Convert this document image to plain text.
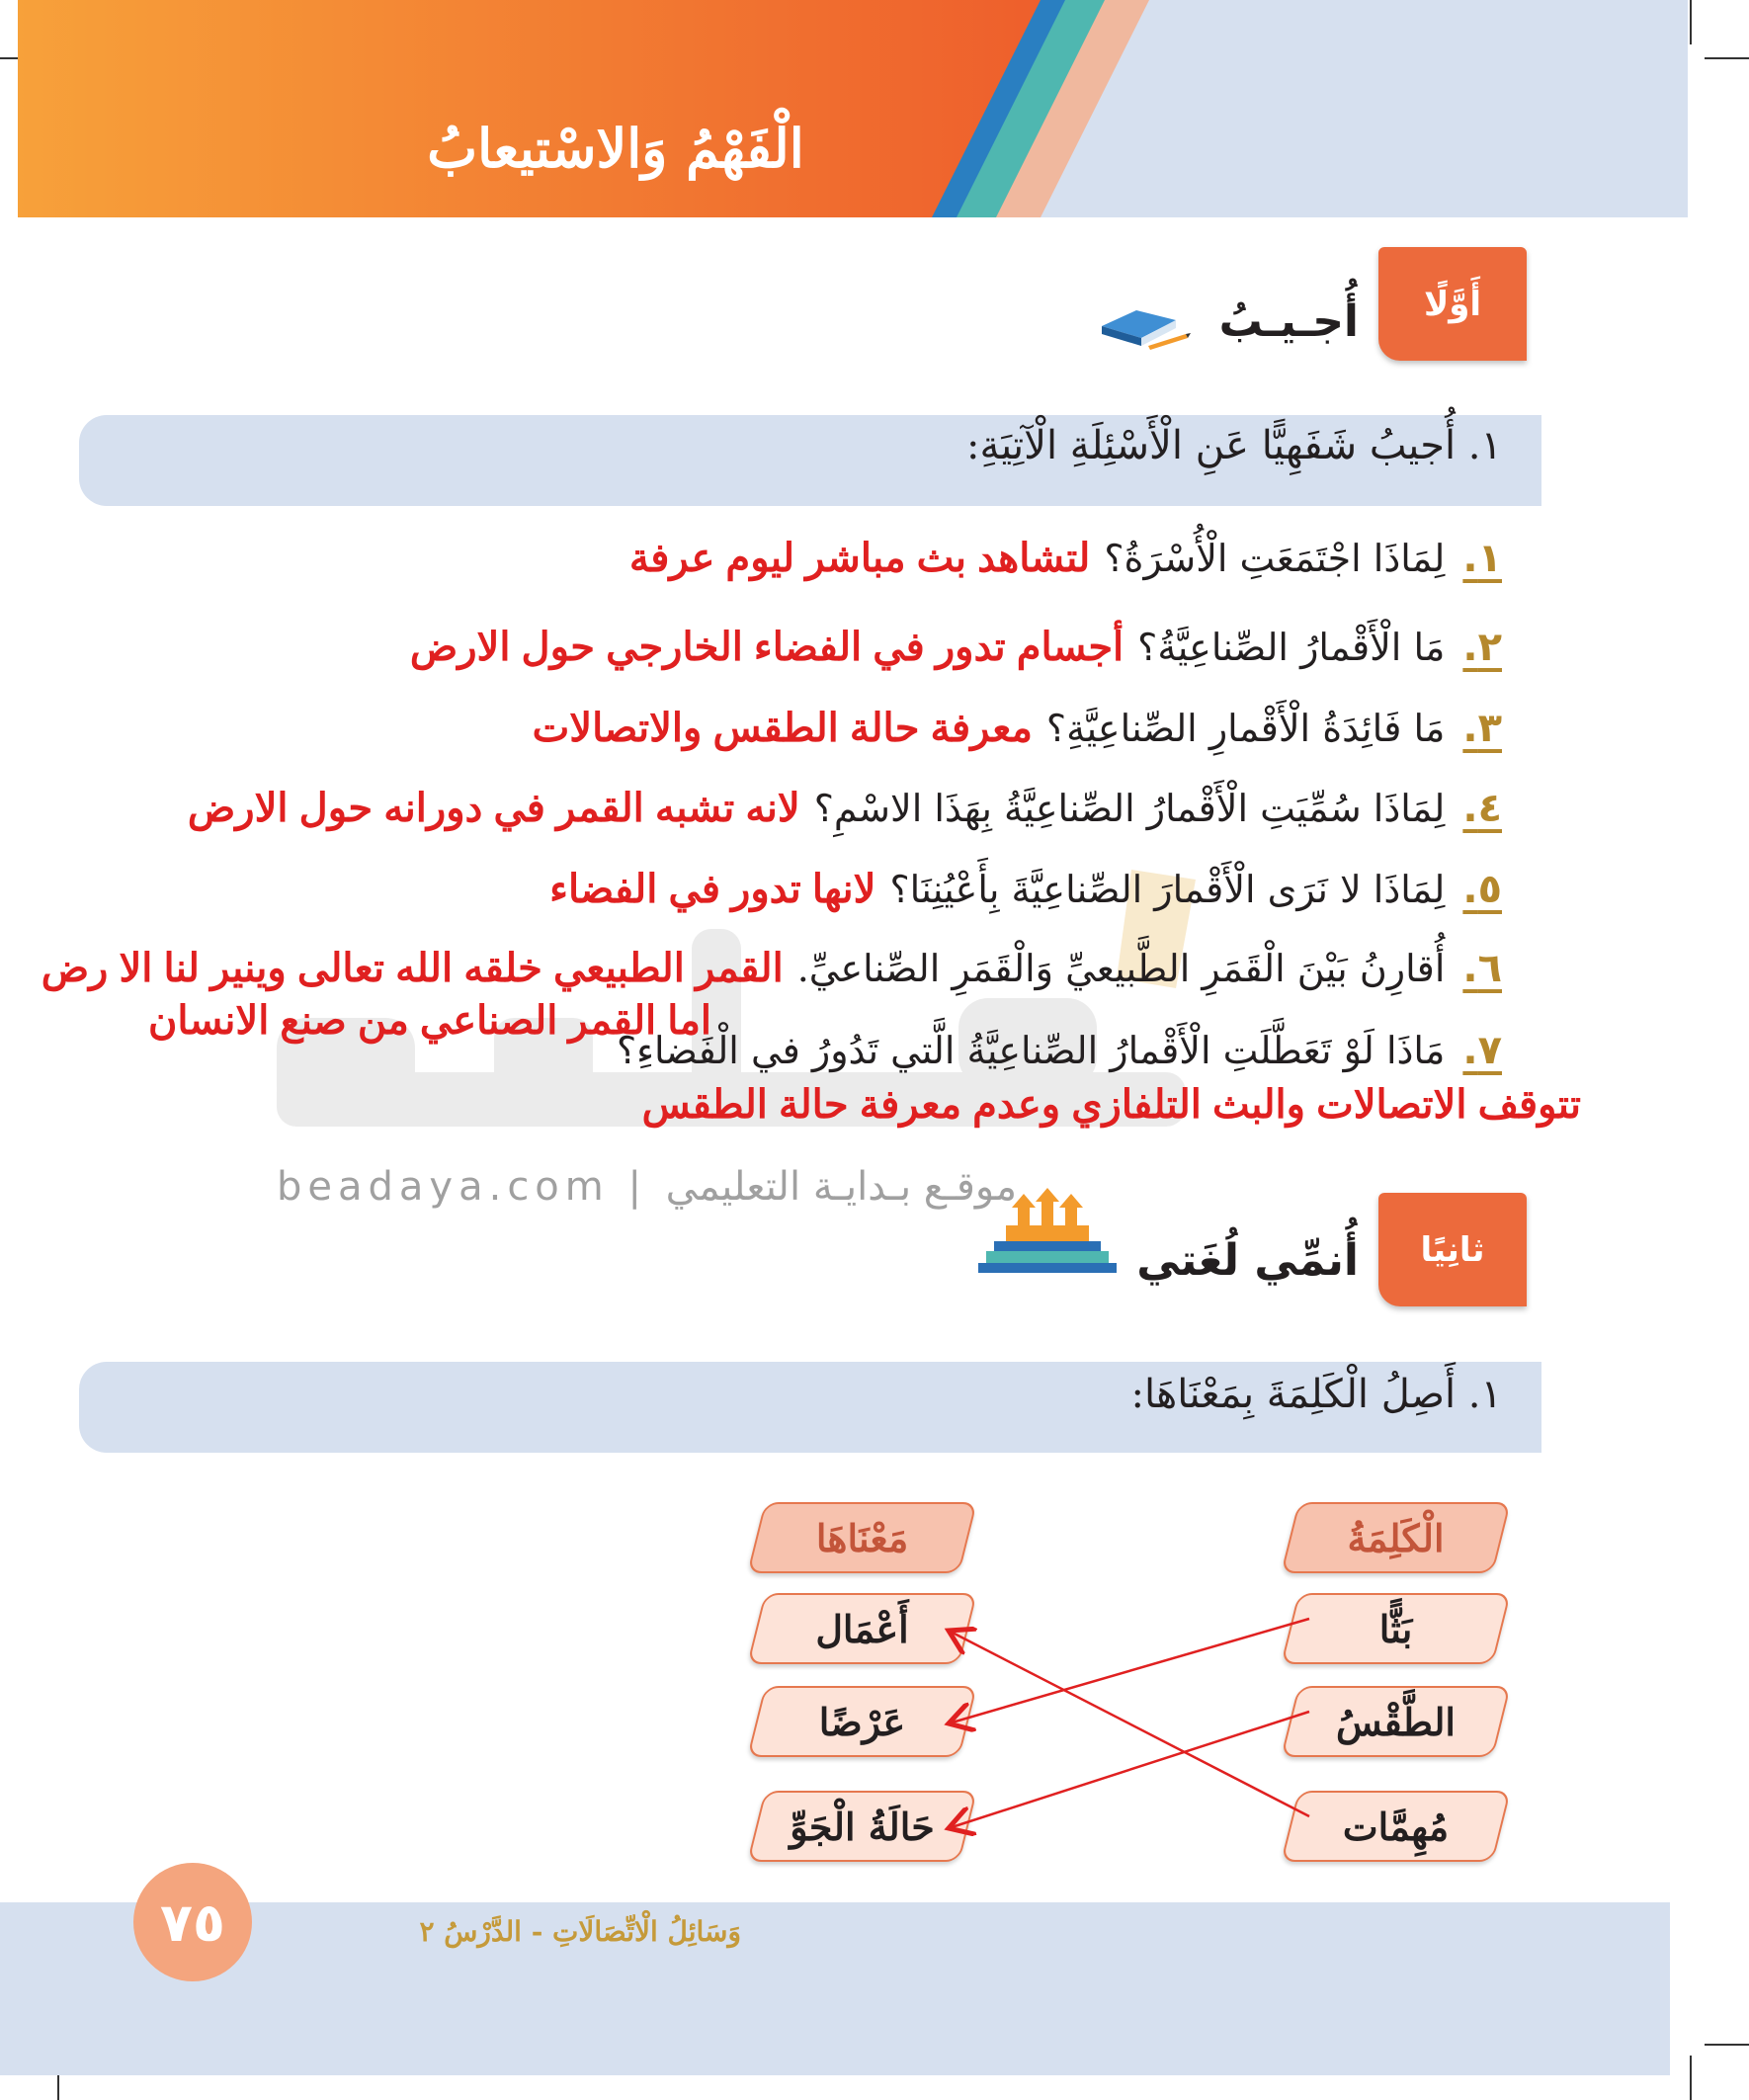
الْفَهْمُ وَالاسْتيعابُ
أَوَّلًا
أُجـيـبُ
١. أُجيبُ شَفَهِيًّا عَنِ الْأَسْئِلَةِ الْآتِيَةِ:
١.
لِمَاذَا اجْتَمَعَتِ الْأُسْرَةُ؟
لتشاهد بث مباشر ليوم عرفة
٢.
مَا الْأَقْمارُ الصِّناعِيَّةُ؟
أجسام تدور في الفضاء الخارجي حول الارض
٣.
مَا فَائِدَةُ الْأَقْمارِ الصِّناعِيَّةِ؟
معرفة حالة الطقس والاتصالات
٤.
لِمَاذَا سُمِّيَتِ الْأَقْمارُ الصِّناعِيَّةُ بِهَذَا الاسْمِ؟
لانه تشبه القمر في دورانه حول الارض
٥.
لِمَاذَا لا نَرَى الْأَقْمارَ الصِّناعِيَّةَ بِأَعْيُنِنَا؟
لانها تدور في الفضاء
٦.
أُقارِنُ بَيْنَ الْقَمَرِ الطَّبيعيِّ وَالْقَمَرِ الصِّناعيِّ.
القمر الطبيعي خلقه الله تعالى وينير لنا الا رض
اما القمر الصناعي من صنع الانسان
٧.
مَاذَا لَوْ تَعَطَّلَتِ الْأَقْمارُ الصِّناعِيَّةُ الَّتي تَدُورُ في الْفَضاءِ؟
تتوقف الاتصالات والبث التلفازي وعدم معرفة حالة الطقس
beadaya.com | موقـع بـدايـة التعليمي
ثانِيًا
أُنمِّي لُغَتي
١. أَصِلُ الْكَلِمَةَ بِمَعْنَاهَا:
الْكَلِمَةُ
بَثًّا
الطَّقْسُ
مُهِمَّات
مَعْنَاهَا
أَعْمَال
عَرْضًا
حَالَةُ الْجَوِّ
٧٥	وَسَائِلُ الْاتِّصَالَاتِ - الدَّرْسُ ٢
